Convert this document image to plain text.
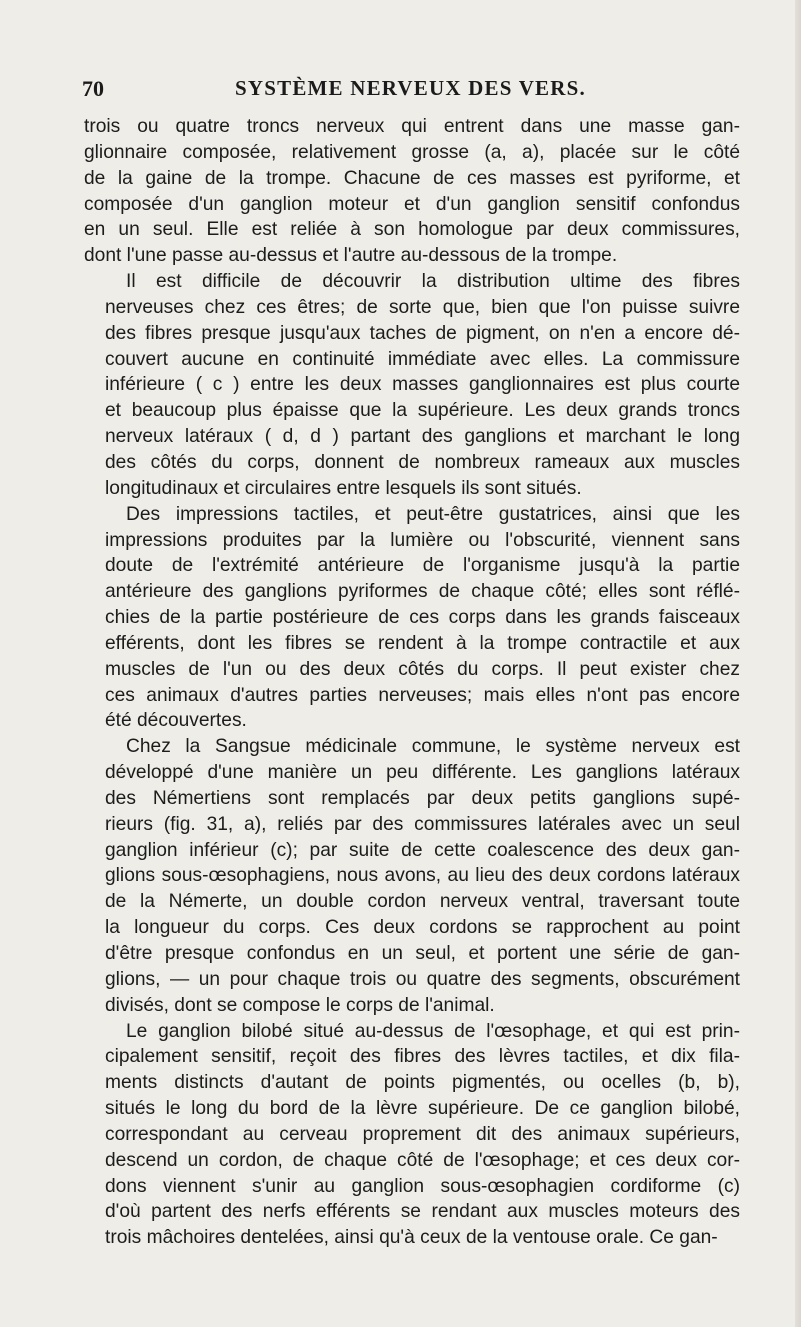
70	SYSTÈME NERVEUX DES VERS.
trois ou quatre troncs nerveux qui entrent dans une masse gan-
glionnaire composée, relativement grosse (a, a), placée sur le côté
de la gaine de la trompe. Chacune de ces masses est pyriforme, et
composée d'un ganglion moteur et d'un ganglion sensitif confondus
en un seul. Elle est reliée à son homologue par deux commissures,
dont l'une passe au-dessus et l'autre au-dessous de la trompe.
Il est difficile de découvrir la distribution ultime des fibres
nerveuses chez ces êtres; de sorte que, bien que l'on puisse suivre
des fibres presque jusqu'aux taches de pigment, on n'en a encore dé-
couvert aucune en continuité immédiate avec elles. La commissure
inférieure ( c ) entre les deux masses ganglionnaires est plus courte
et beaucoup plus épaisse que la supérieure. Les deux grands troncs
nerveux latéraux ( d, d ) partant des ganglions et marchant le long
des côtés du corps, donnent de nombreux rameaux aux muscles
longitudinaux et circulaires entre lesquels ils sont situés.
Des impressions tactiles, et peut-être gustatrices, ainsi que les
impressions produites par la lumière ou l'obscurité, viennent sans
doute de l'extrémité antérieure de l'organisme jusqu'à la partie
antérieure des ganglions pyriformes de chaque côté; elles sont réflé-
chies de la partie postérieure de ces corps dans les grands faisceaux
efférents, dont les fibres se rendent à la trompe contractile et aux
muscles de l'un ou des deux côtés du corps. Il peut exister chez
ces animaux d'autres parties nerveuses; mais elles n'ont pas encore
été découvertes.
Chez la Sangsue médicinale commune, le système nerveux est
développé d'une manière un peu différente. Les ganglions latéraux
des Némertiens sont remplacés par deux petits ganglions supé-
rieurs (fig. 31, a), reliés par des commissures latérales avec un seul
ganglion inférieur (c); par suite de cette coalescence des deux gan-
glions sous-œsophagiens, nous avons, au lieu des deux cordons latéraux
de la Némerte, un double cordon nerveux ventral, traversant toute
la longueur du corps. Ces deux cordons se rapprochent au point
d'être presque confondus en un seul, et portent une série de gan-
glions, — un pour chaque trois ou quatre des segments, obscurément
divisés, dont se compose le corps de l'animal.
Le ganglion bilobé situé au-dessus de l'œsophage, et qui est prin-
cipalement sensitif, reçoit des fibres des lèvres tactiles, et dix fila-
ments distincts d'autant de points pigmentés, ou ocelles (b, b),
situés le long du bord de la lèvre supérieure. De ce ganglion bilobé,
correspondant au cerveau proprement dit des animaux supérieurs,
descend un cordon, de chaque côté de l'œsophage; et ces deux cor-
dons viennent s'unir au ganglion sous-œsophagien cordiforme (c)
d'où partent des nerfs efférents se rendant aux muscles moteurs des
trois mâchoires dentelées, ainsi qu'à ceux de la ventouse orale. Ce gan-
